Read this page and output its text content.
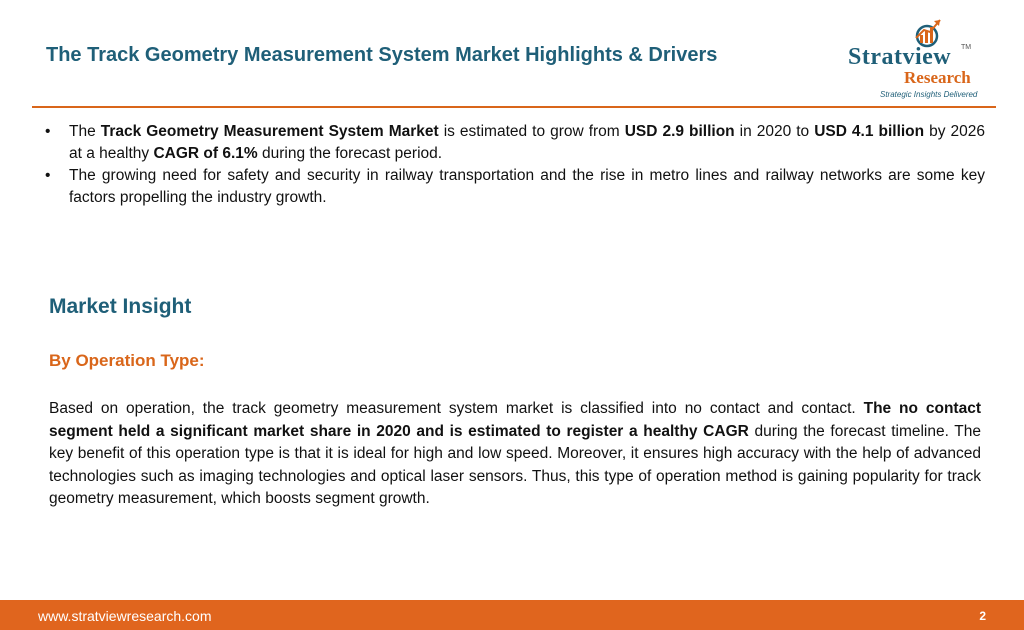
The Track Geometry Measurement System Market Highlights & Drivers	Stratview TM
Research
Strategic Insights Delivered
• The Track Geometry Measurement System Market is estimated to grow from USD 2.9 billion in 2020 to USD 4.1 billion by 2026 at a healthy CAGR of 6.1% during the forecast period.
• The growing need for safety and security in railway transportation and the rise in metro lines and railway networks are some key factors propelling the industry growth.
Market Insight
By Operation Type:
Based on operation, the track geometry measurement system market is classified into no contact and contact. The no contact segment held a significant market share in 2020 and is estimated to register a healthy CAGR during the forecast timeline. The key benefit of this operation type is that it is ideal for high and low speed. Moreover, it ensures high accuracy with the help of advanced technologies such as imaging technologies and optical laser sensors. Thus, this type of operation method is gaining popularity for track geometry measurement, which boosts segment growth.
www.stratviewresearch.com	2
